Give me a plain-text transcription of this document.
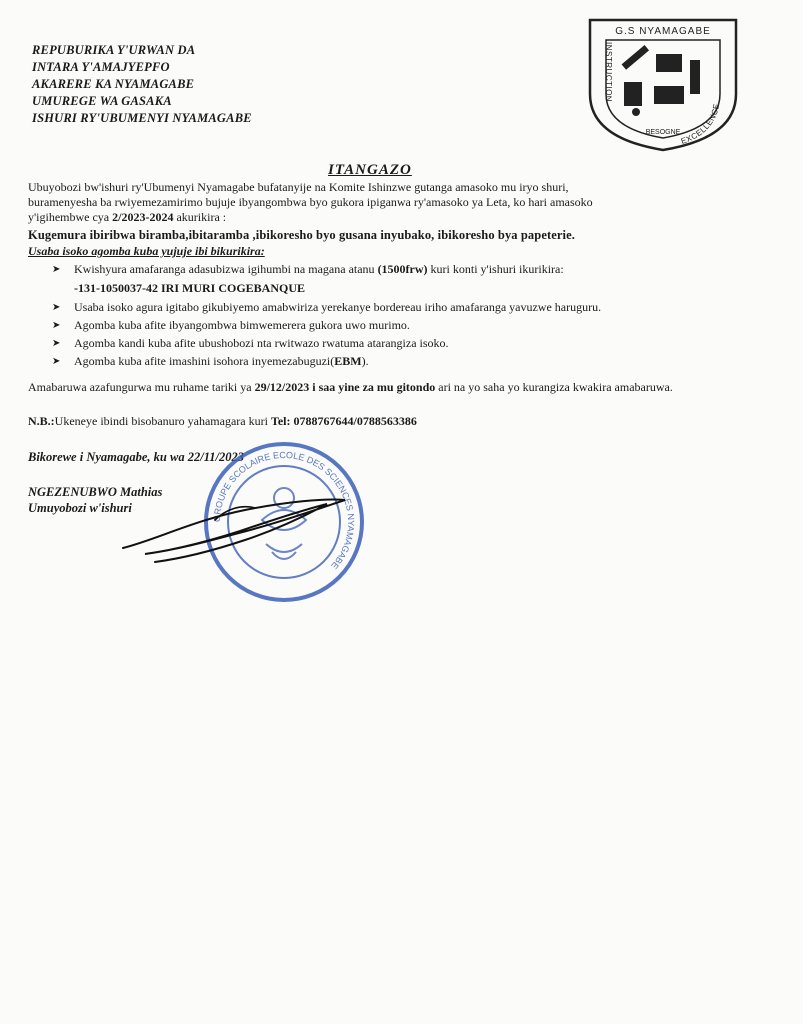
REPUBURIKA Y'URWAN DA
INTARA Y'AMAJYEPFO
AKARERE KA NYAMAGABE
UMUREGE WA GASAKA
ISHURI RY'UBUMENYI NYAMAGABE
G.S NYAMAGABE
INSTRUCTION
EXCELLENCE
BESOGNE
ITANGAZO
Ubuyobozi bw'ishuri ry'Ubumenyi Nyamagabe bufatanyije na Komite Ishinzwe gutanga amasoko mu iryo shuri,
buramenyesha ba rwiyemezamirimo bujuje ibyangombwa byo gukora ipiganwa ry'amasoko ya Leta, ko hari amasoko
y'igihembwe cya 2/2023-2024 akurikira :
Kugemura ibiribwa biramba,ibitaramba ,ibikoresho byo gusana inyubako, ibikoresho bya papeterie.
Usaba isoko agomba kuba yujuje ibi bikurikira:
➤ Kwishyura amafaranga adasubizwa igihumbi na magana atanu (1500frw) kuri konti y'ishuri ikurikira:
-131-1050037-42 IRI MURI COGEBANQUE
➤ Usaba isoko agura igitabo gikubiyemo amabwiriza yerekanye bordereau iriho amafaranga yavuzwe haruguru.
➤ Agomba kuba afite ibyangombwa bimwemerera gukora uwo murimo.
➤ Agomba kandi kuba afite ubushobozi nta rwitwazo rwatuma atarangiza isoko.
➤ Agomba kuba afite imashini isohora inyemezabuguzi(EBM).
Amabaruwa azafungurwa mu ruhame tariki ya 29/12/2023 i saa yine za mu gitondo ari na yo saha yo kurangiza kwakira amabaruwa.
N.B.:Ukeneye ibindi bisobanuro yahamagara kuri Tel: 0788767644/0788563386
Bikorewe i Nyamagabe, ku wa 22/11/2023
NGEZENUBWO Mathias
Umuyobozi w'ishuri
GROUPE SCOLAIRE ECOLE DES SCIENCES NYAMAGABE
